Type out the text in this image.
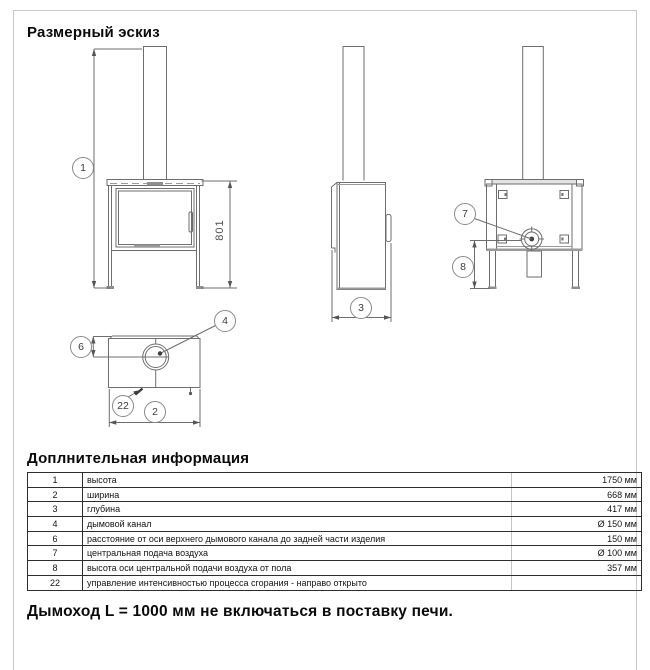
Размерный эскиз
1
3
7
8
4
6
22	2
801
Доплнительная информация
1	высота	1750 мм
2	ширина	668 мм
3	глубина	417 мм
4	дымовой канал	Ø 150 мм
6	расстояние от оси верхнего дымового канала до задней части изделия	150 мм
7	центральная подача воздуха	Ø 100 мм
8	высота оси центральной подачи воздуха от пола	357 мм
22	управление интенсивностью процесса сгорания - направо открыто	
Дымоход L = 1000 мм не включаться в поставку печи.
